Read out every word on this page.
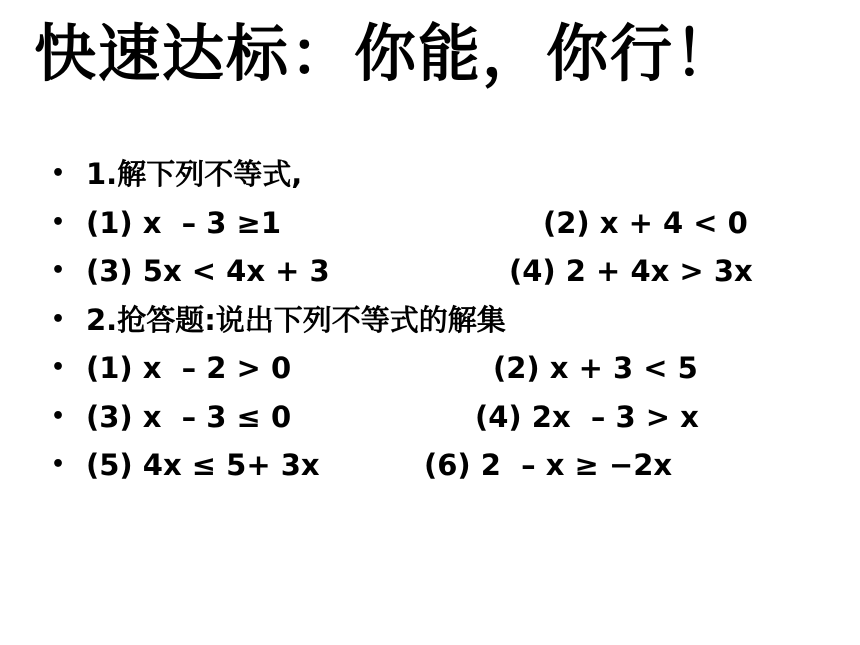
快速达标：你能，你行！

•

1.解下列不等式,

•

(1) x  – 3 ≥1

	(2) x + 4 < 0

•

(3) 5x < 4x + 3

	(4) 2 + 4x > 3x

•

2.抢答题:说出下列不等式的解集

•

(1) x  – 2 > 0

	(2) x + 3 < 5

•

(3) x  – 3 ≤ 0

	(4) 2x  – 3 > x

•

(5) 4x ≤ 5+ 3x

	(6) 2  – x ≥ −2x
